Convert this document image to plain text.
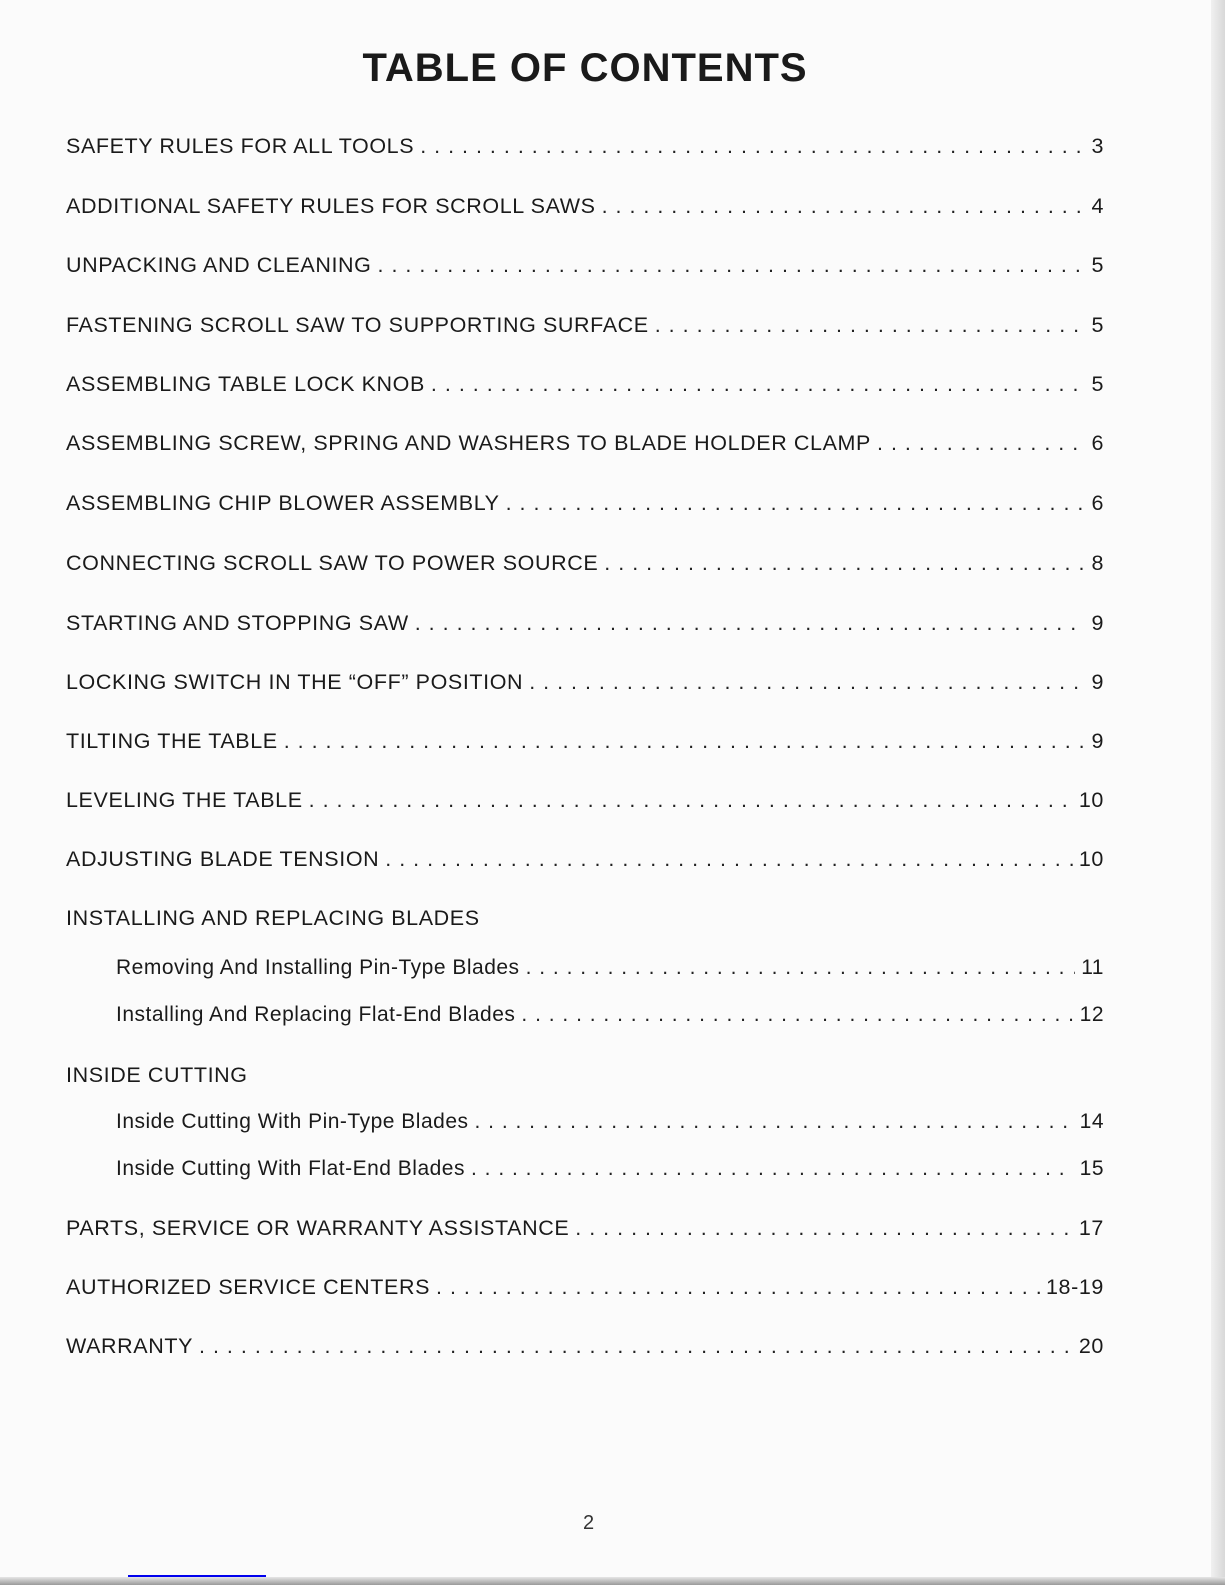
TABLE OF CONTENTS
SAFETY RULES FOR ALL TOOLS . . .	3
ADDITIONAL SAFETY RULES FOR SCROLL SAWS . . .	4
UNPACKING AND CLEANING . . .	5
FASTENING SCROLL SAW TO SUPPORTING SURFACE . . .	5
ASSEMBLING TABLE LOCK KNOB . . .	5
ASSEMBLING SCREW, SPRING AND WASHERS TO BLADE HOLDER CLAMP . . .	6
ASSEMBLING CHIP BLOWER ASSEMBLY . . .	6
CONNECTING SCROLL SAW TO POWER SOURCE . . .	8
STARTING AND STOPPING SAW . . .	9
LOCKING SWITCH IN THE “OFF” POSITION . . .	9
TILTING THE TABLE . . .	9
LEVELING THE TABLE . . .	10
ADJUSTING BLADE TENSION . . .	10
INSTALLING AND REPLACING BLADES
Removing And Installing Pin-Type Blades . . .	11
Installing And Replacing Flat-End Blades . . .	12
INSIDE CUTTING
Inside Cutting With Pin-Type Blades . . .	14
Inside Cutting With Flat-End Blades . . .	15
PARTS, SERVICE OR WARRANTY ASSISTANCE . . .	17
AUTHORIZED SERVICE CENTERS . . .	18-19
WARRANTY . . .	20
2
